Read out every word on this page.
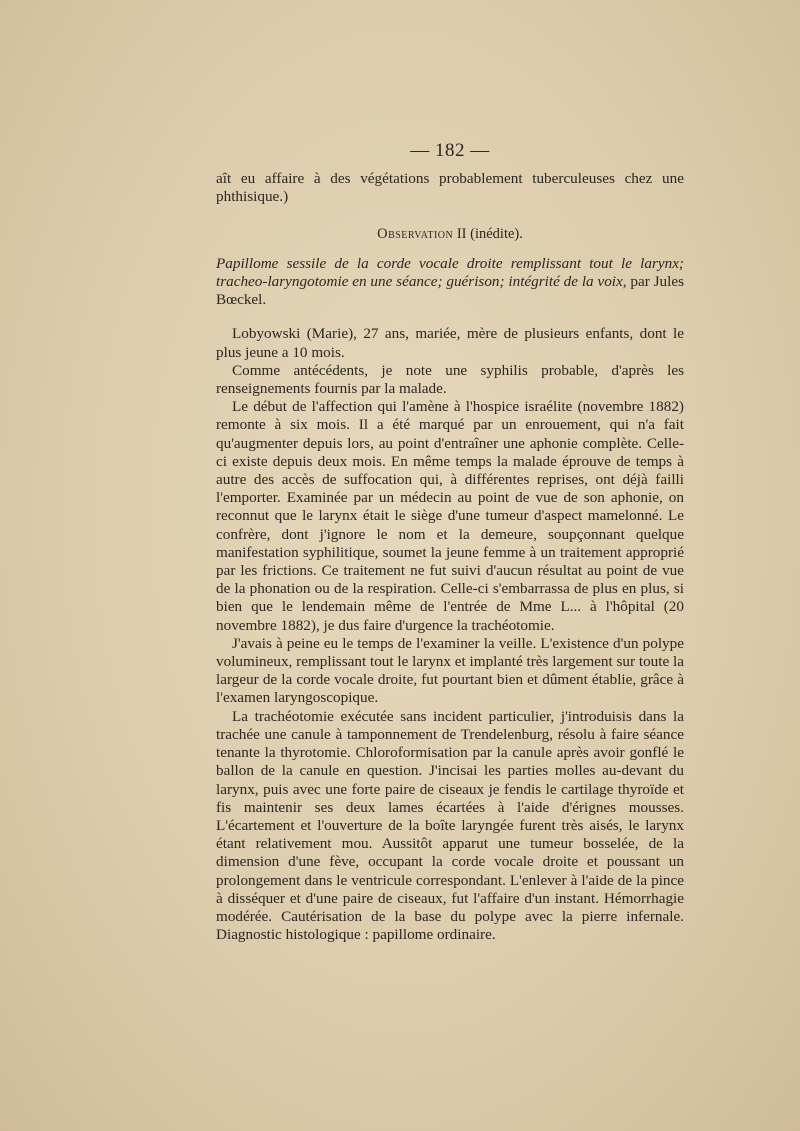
— 182 —

aît eu affaire à des végétations probablement tuberculeuses chez une phthisique.)

Observation II (inédite).

Papillome sessile de la corde vocale droite remplissant tout le larynx; tracheo-laryngotomie en une séance; guérison; intégrité de la voix, par Jules Bœckel.

Lobyowski (Marie), 27 ans, mariée, mère de plusieurs enfants, dont le plus jeune a 10 mois.

Comme antécédents, je note une syphilis probable, d'après les renseignements fournis par la malade.

Le début de l'affection qui l'amène à l'hospice israélite (novembre 1882) remonte à six mois. Il a été marqué par un enrouement, qui n'a fait qu'augmenter depuis lors, au point d'entraîner une aphonie complète. Celle-ci existe depuis deux mois. En même temps la malade éprouve de temps à autre des accès de suffocation qui, à différentes reprises, ont déjà failli l'emporter. Examinée par un médecin au point de vue de son aphonie, on reconnut que le larynx était le siège d'une tumeur d'aspect mamelonné. Le confrère, dont j'ignore le nom et la demeure, soupçonnant quelque manifestation syphilitique, soumet la jeune femme à un traitement approprié par les frictions. Ce traitement ne fut suivi d'aucun résultat au point de vue de la phonation ou de la respiration. Celle-ci s'embarrassa de plus en plus, si bien que le lendemain même de l'entrée de Mme L... à l'hôpital (20 novembre 1882), je dus faire d'urgence la trachéotomie.

J'avais à peine eu le temps de l'examiner la veille. L'existence d'un polype volumineux, remplissant tout le larynx et implanté très largement sur toute la largeur de la corde vocale droite, fut pourtant bien et dûment établie, grâce à l'examen laryngoscopique.

La trachéotomie exécutée sans incident particulier, j'introduisis dans la trachée une canule à tamponnement de Trendelenburg, résolu à faire séance tenante la thyrotomie. Chloroformisation par la canule après avoir gonflé le ballon de la canule en question. J'incisai les parties molles au-devant du larynx, puis avec une forte paire de ciseaux je fendis le cartilage thyroïde et fis maintenir ses deux lames écartées à l'aide d'érignes mousses. L'écartement et l'ouverture de la boîte laryngée furent très aisés, le larynx étant relativement mou. Aussitôt apparut une tumeur bosselée, de la dimension d'une fève, occupant la corde vocale droite et poussant un prolongement dans le ventricule correspondant. L'enlever à l'aide de la pince à disséquer et d'une paire de ciseaux, fut l'affaire d'un instant. Hémorrhagie modérée. Cautérisation de la base du polype avec la pierre infernale. Diagnostic histologique : papillome ordinaire.
